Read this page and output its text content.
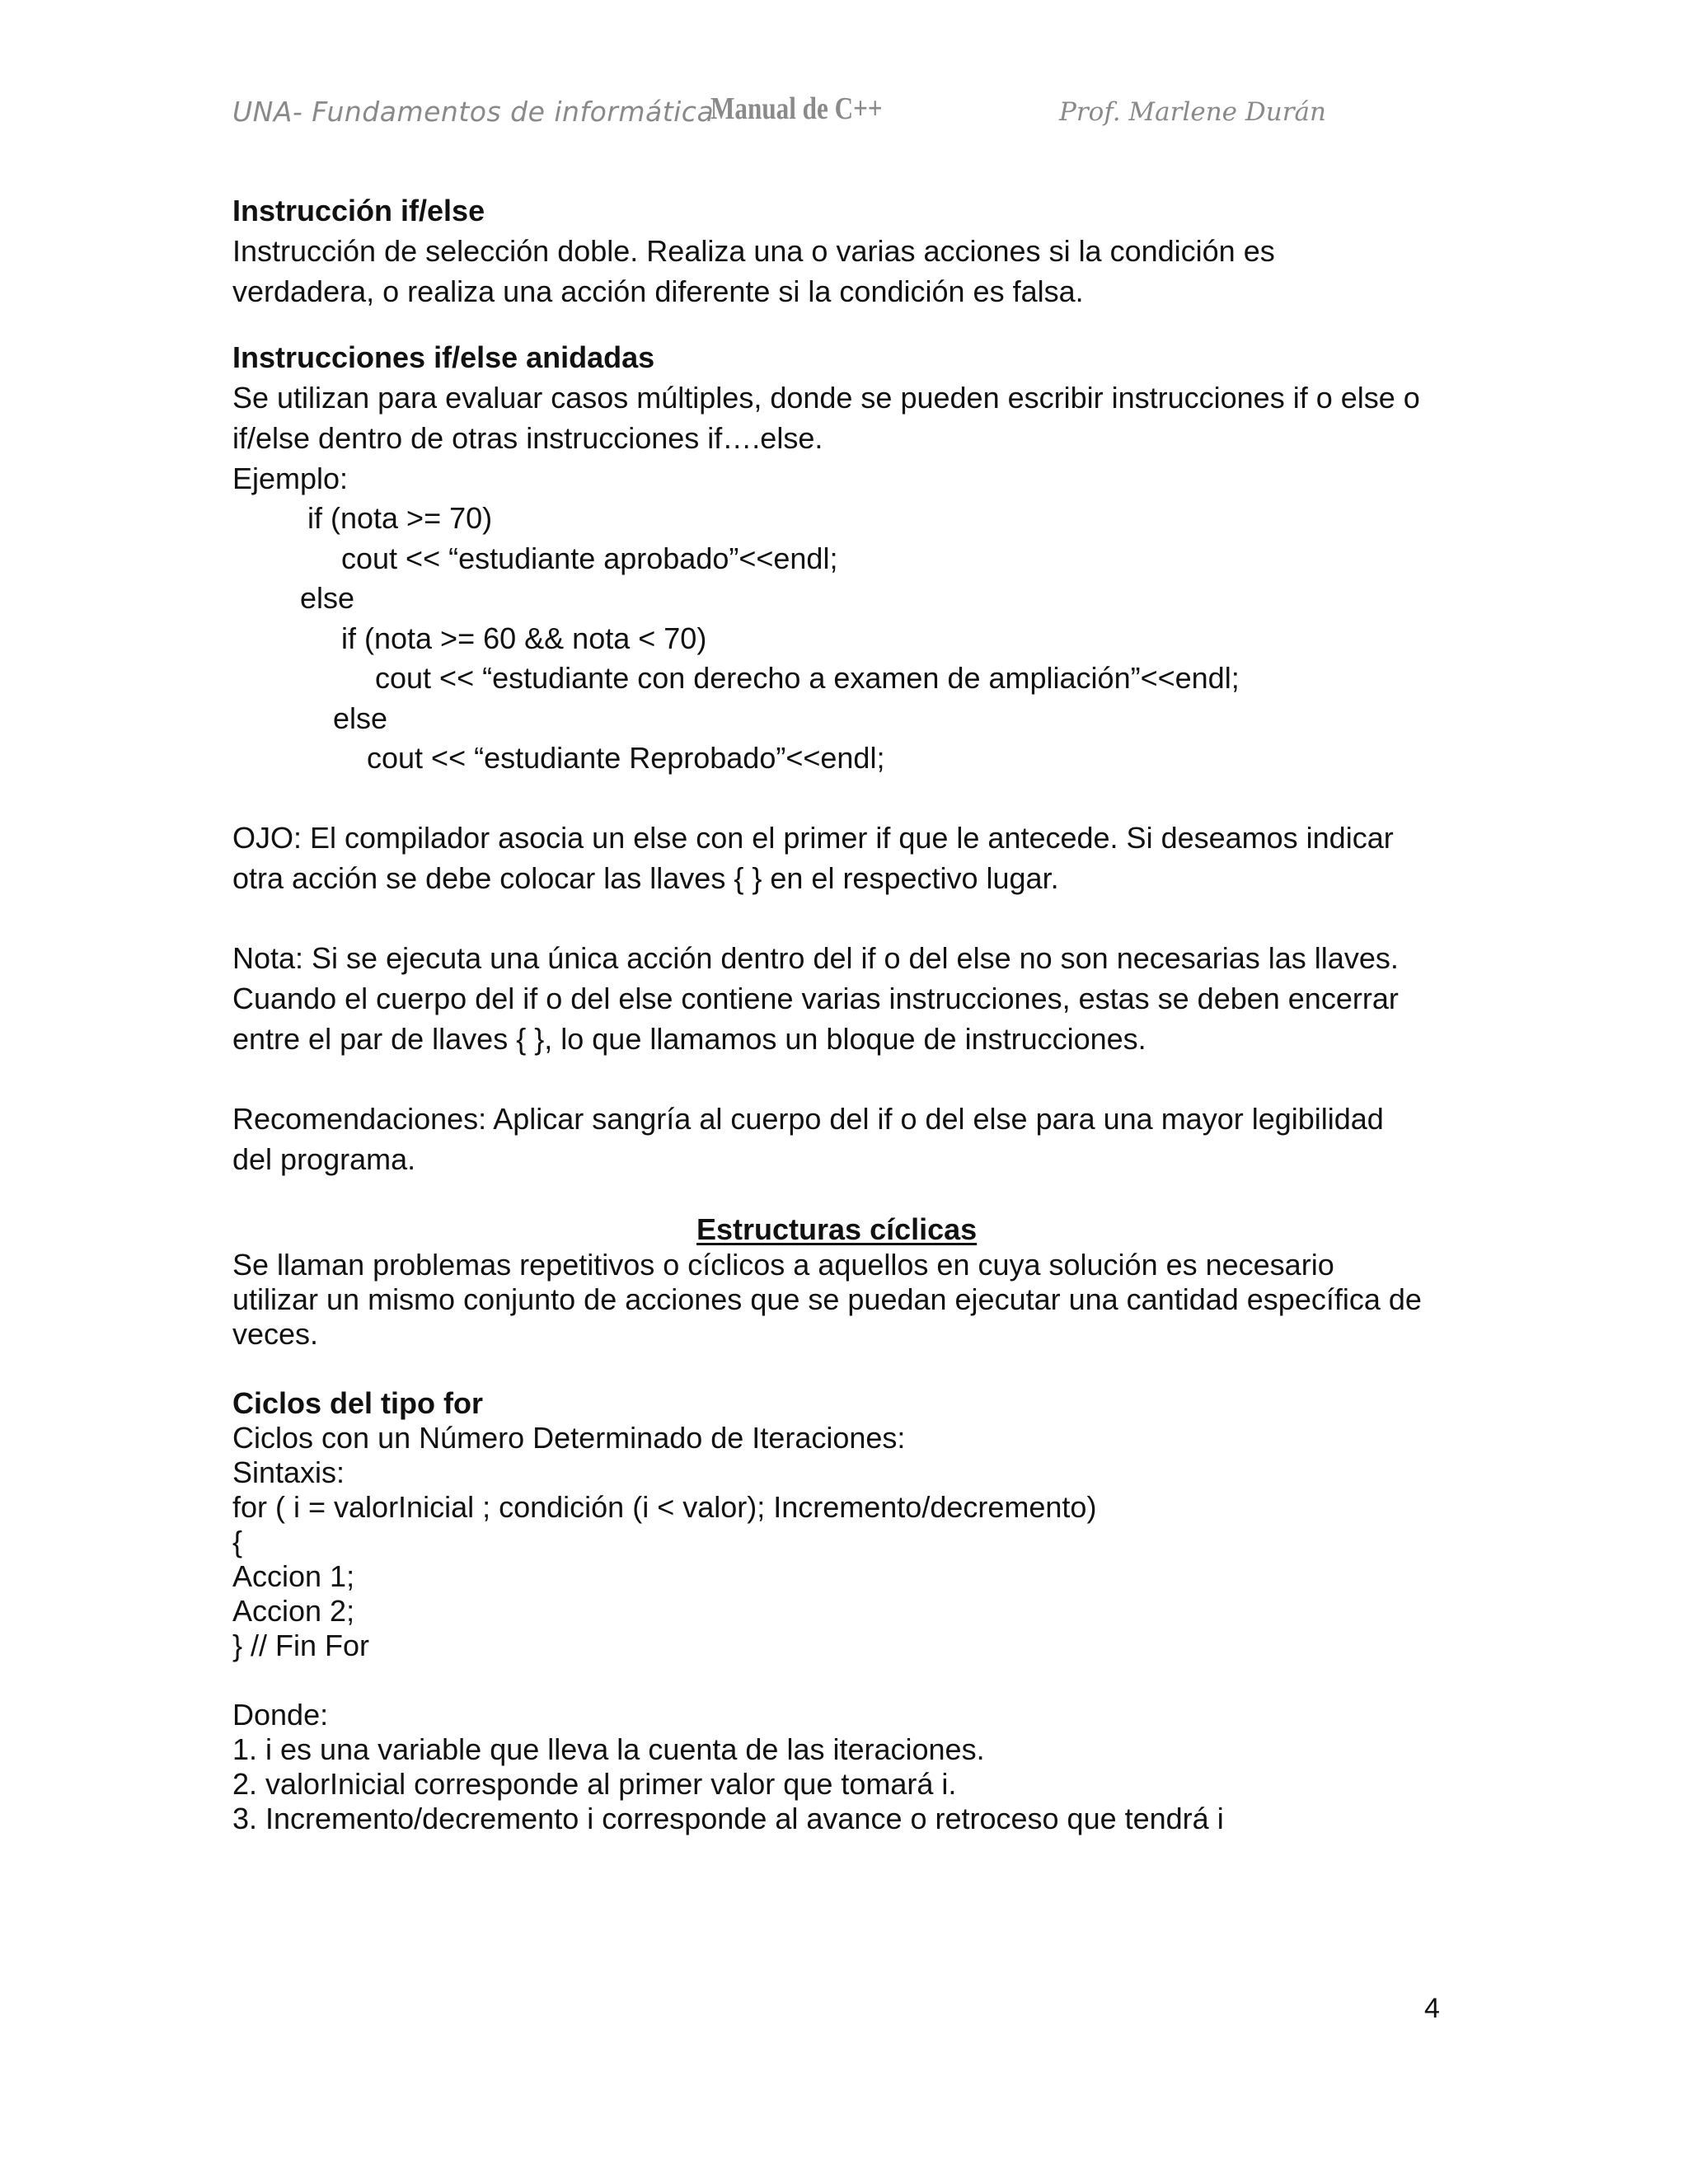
UNA- Fundamentos de informática
Manual de C++	Prof. Marlene Durán
Instrucción if/else
Instrucción de selección doble. Realiza una o varias acciones si la condición es
verdadera, o realiza una acción diferente si la condición es falsa.
Instrucciones if/else anidadas
Se utilizan para evaluar casos múltiples, donde se pueden escribir instrucciones if o else o
if/else dentro de otras instrucciones if….else.
Ejemplo:
if (nota >= 70)
cout << “estudiante aprobado”<<endl;
else
if (nota >= 60 && nota < 70)
cout << “estudiante con derecho a examen de ampliación”<<endl;
else
cout << “estudiante Reprobado”<<endl;
OJO: El compilador asocia un else con el primer if que le antecede. Si deseamos indicar
otra acción se debe colocar las llaves { } en el respectivo lugar.
Nota: Si se ejecuta una única acción dentro del if o del else no son necesarias las llaves.
Cuando el cuerpo del if o del else contiene varias instrucciones, estas se deben encerrar
entre el par de llaves { }, lo que llamamos un bloque de instrucciones.
Recomendaciones: Aplicar sangría al cuerpo del if o del else para una mayor legibilidad
del programa.
Estructuras cíclicas
Se llaman problemas repetitivos o cíclicos a aquellos en cuya solución es necesario
utilizar un mismo conjunto de acciones que se puedan ejecutar una cantidad específica de
veces.
Ciclos del tipo for
Ciclos con un Número Determinado de Iteraciones:
Sintaxis:
for ( i = valorInicial ; condición (i < valor); Incremento/decremento)
{
Accion 1;
Accion 2;
} // Fin For
Donde:
1. i es una variable que lleva la cuenta de las iteraciones.
2. valorInicial corresponde al primer valor que tomará i.
3. Incremento/decremento i corresponde al avance o retroceso que tendrá i
4
